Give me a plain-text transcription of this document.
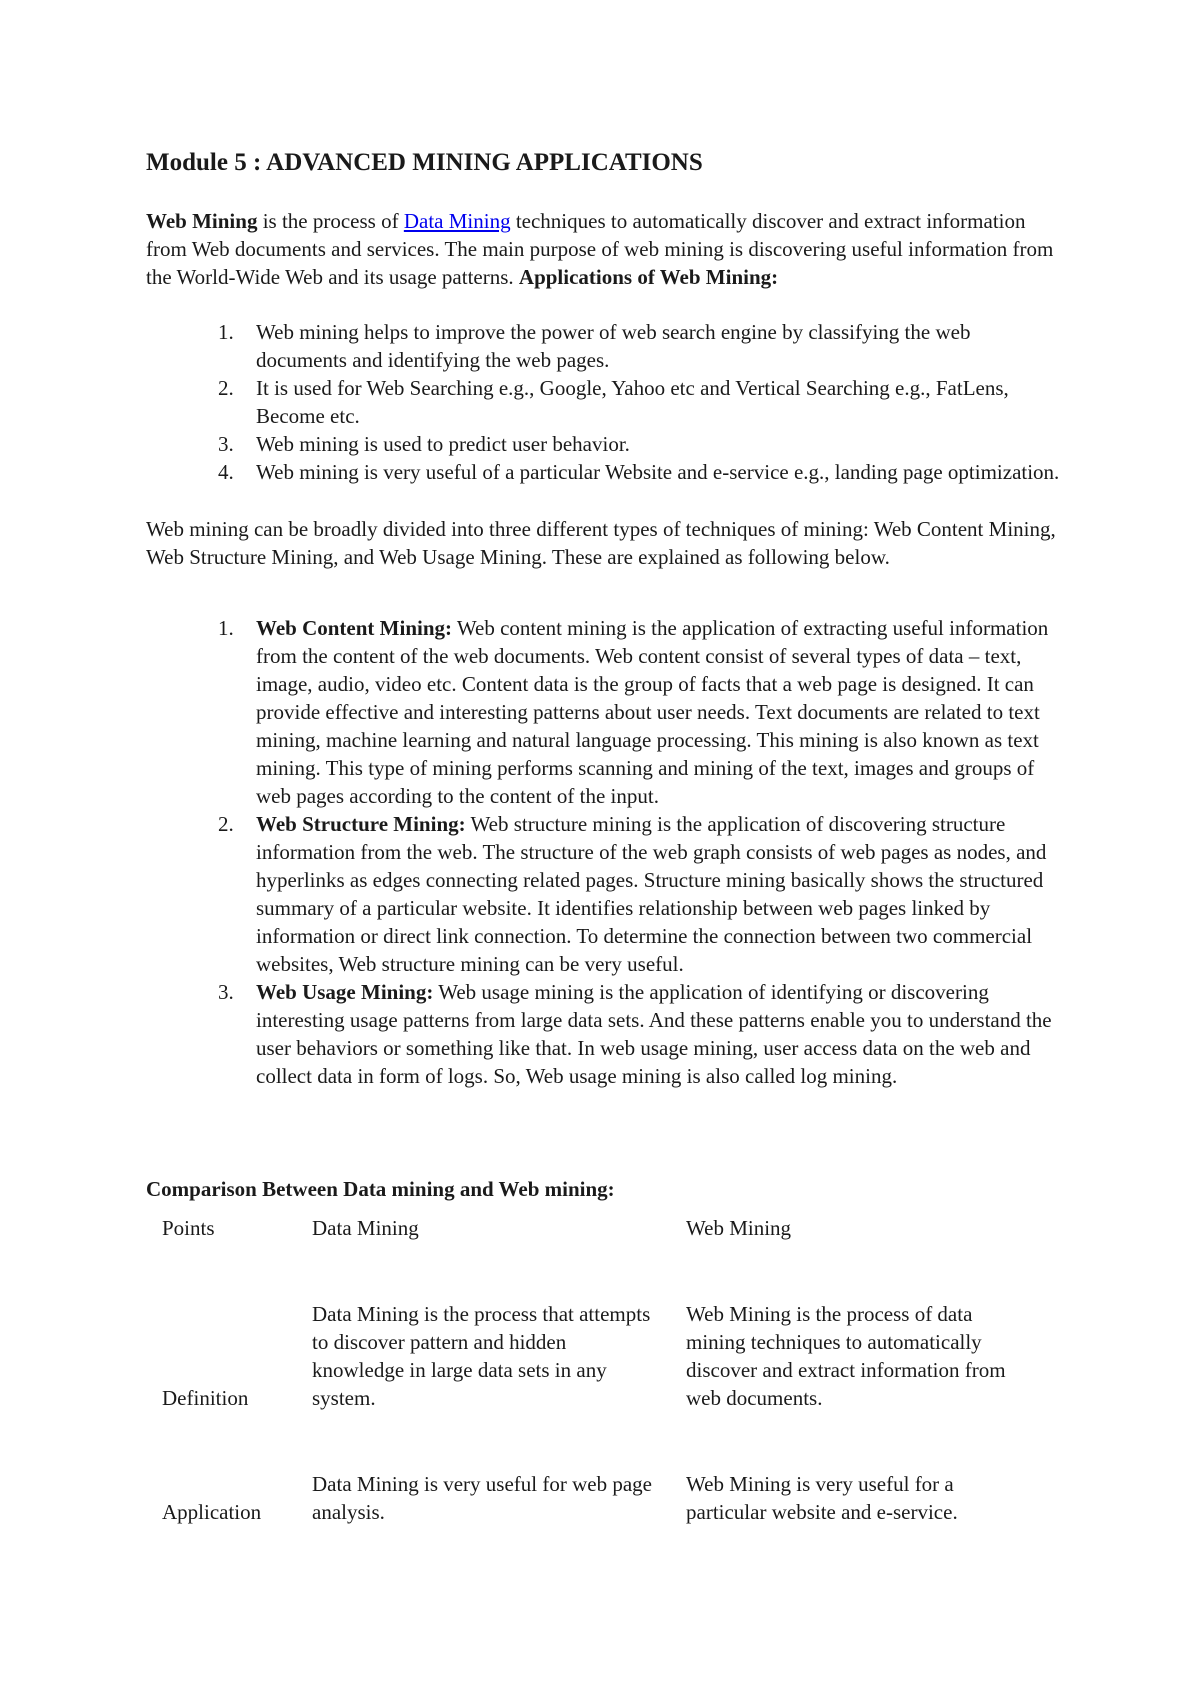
Module 5 : ADVANCED MINING APPLICATIONS

Web Mining is the process of Data Mining techniques to automatically discover and extract information from Web documents and services. The main purpose of web mining is discovering useful information from the World-Wide Web and its usage patterns. Applications of Web Mining:

1. Web mining helps to improve the power of web search engine by classifying the web documents and identifying the web pages.
2. It is used for Web Searching e.g., Google, Yahoo etc and Vertical Searching e.g., FatLens, Become etc.
3. Web mining is used to predict user behavior.
4. Web mining is very useful of a particular Website and e-service e.g., landing page optimization.

Web mining can be broadly divided into three different types of techniques of mining: Web Content Mining, Web Structure Mining, and Web Usage Mining. These are explained as following below.

1. Web Content Mining: Web content mining is the application of extracting useful information from the content of the web documents. Web content consist of several types of data – text, image, audio, video etc. Content data is the group of facts that a web page is designed. It can provide effective and interesting patterns about user needs. Text documents are related to text mining, machine learning and natural language processing. This mining is also known as text mining. This type of mining performs scanning and mining of the text, images and groups of web pages according to the content of the input.
2. Web Structure Mining: Web structure mining is the application of discovering structure information from the web. The structure of the web graph consists of web pages as nodes, and hyperlinks as edges connecting related pages. Structure mining basically shows the structured summary of a particular website. It identifies relationship between web pages linked by information or direct link connection. To determine the connection between two commercial websites, Web structure mining can be very useful.
3. Web Usage Mining: Web usage mining is the application of identifying or discovering interesting usage patterns from large data sets. And these patterns enable you to understand the user behaviors or something like that. In web usage mining, user access data on the web and collect data in form of logs. So, Web usage mining is also called log mining.

Comparison Between Data mining and Web mining:

Points	Data Mining	Web Mining
Definition	Data Mining is the process that attempts to discover pattern and hidden knowledge in large data sets in any system.	Web Mining is the process of data mining techniques to automatically discover and extract information from web documents.

Application	Data Mining is very useful for web page analysis.	Web Mining is very useful for a particular website and e-service.
